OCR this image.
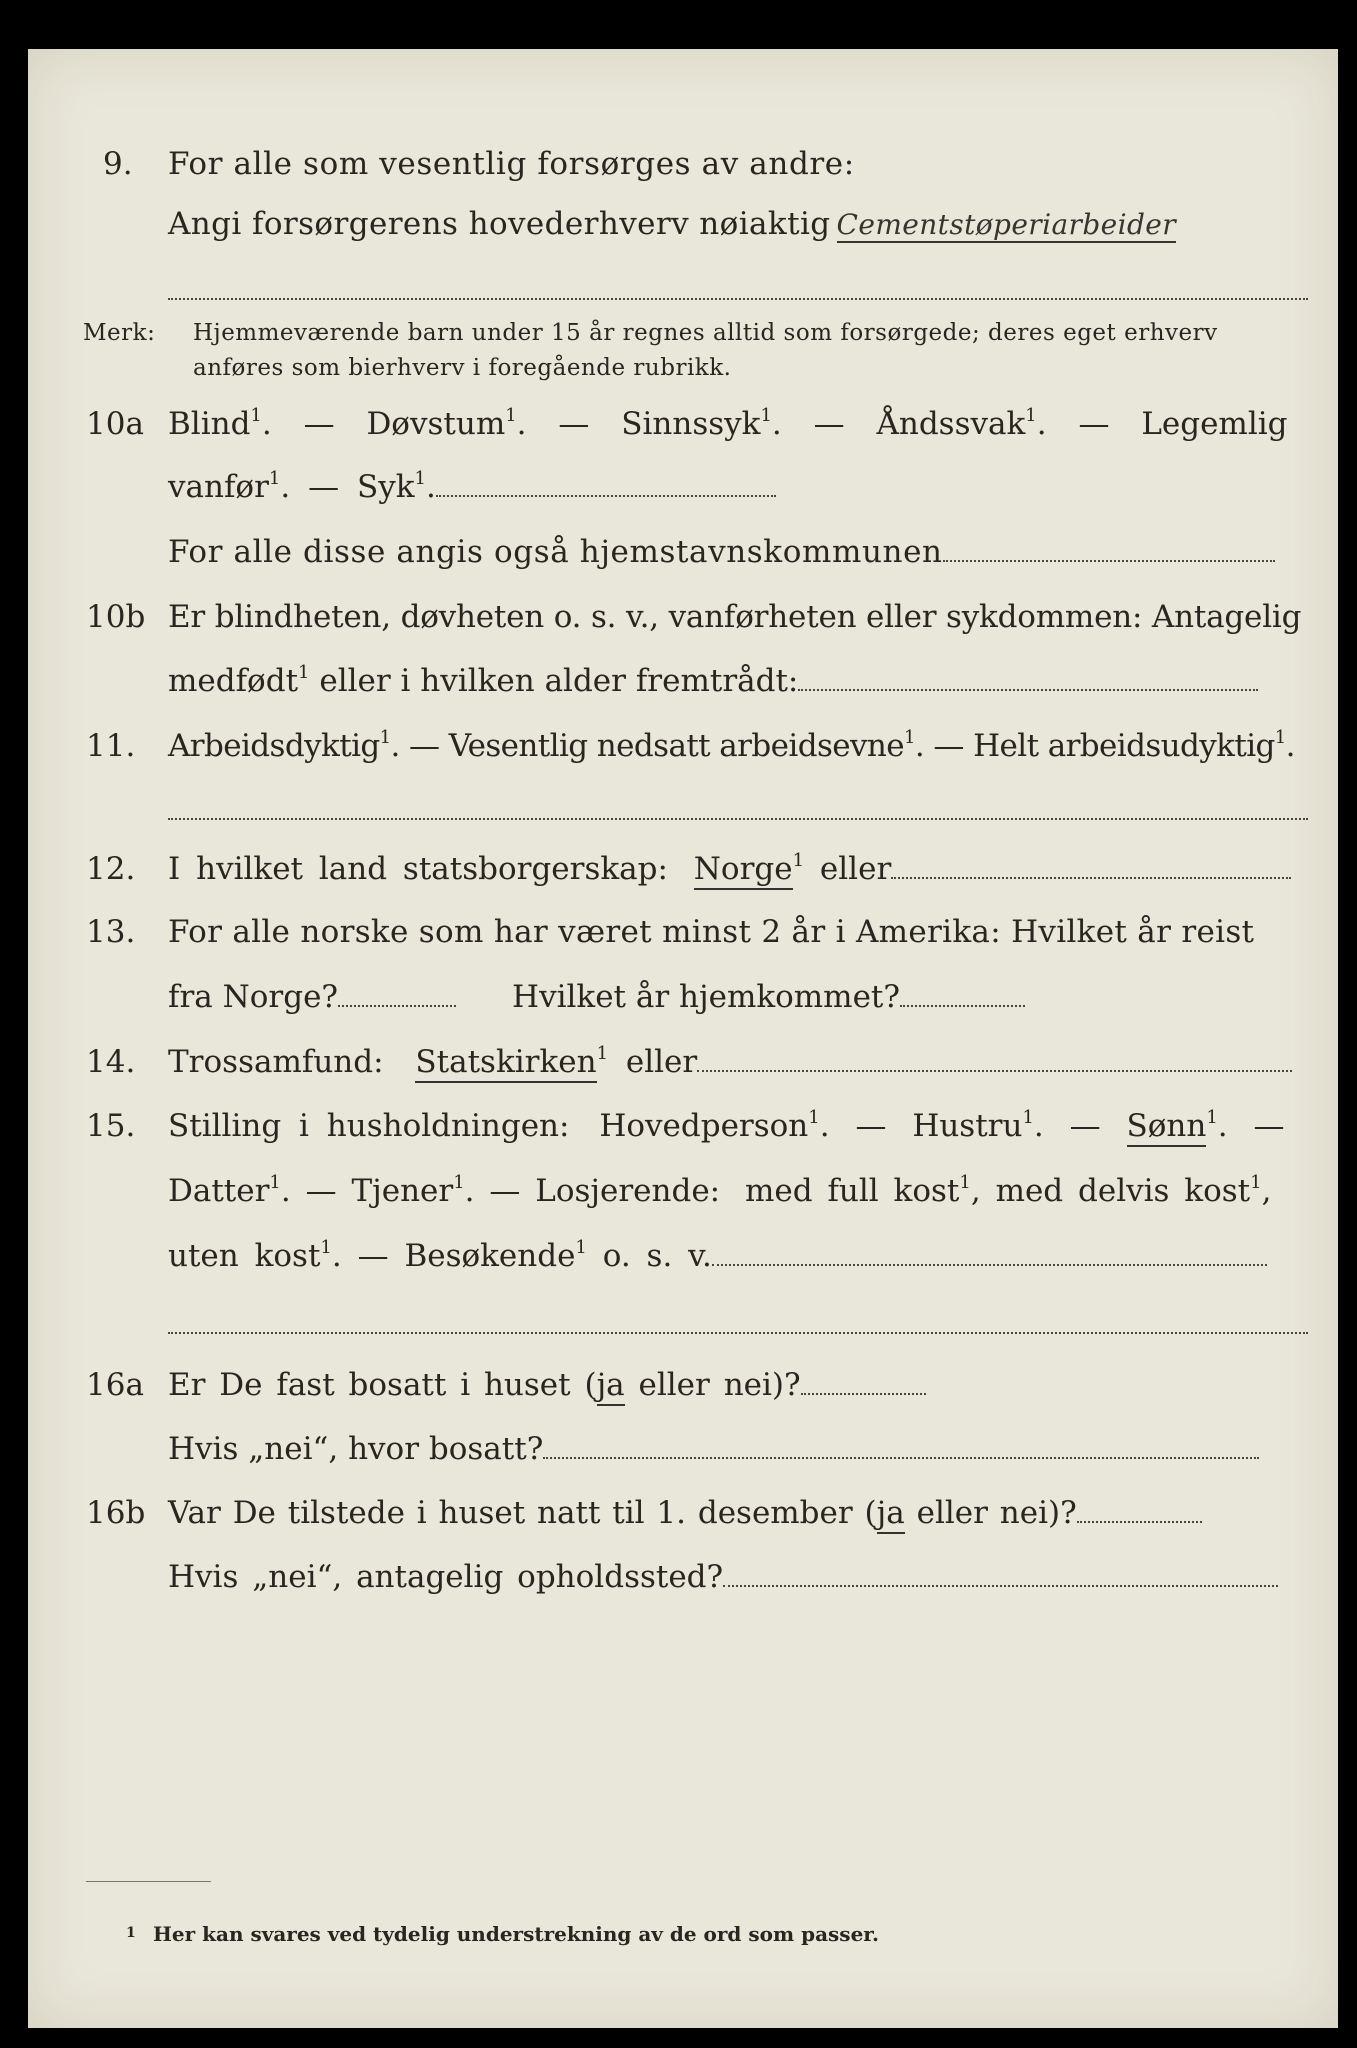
9. For alle som vesentlig forsørges av andre:
Angi forsørgerens hovederhverv nøiaktig Cementstøperiarbeider
Merk: Hjemmeværende barn under 15 år regnes alltid som forsørgede; deres eget erhverv
anføres som bierhverv i foregående rubrikk.
10a Blind$^1$. — Døvstum$^1$. — Sinnssyk$^1$. — Åndssvak$^1$. — Legemlig
vanfør$^1$. — Syk$^1$.
For alle disse angis også hjemstavnskommunen
10b Er blindheten, døvheten o. s. v., vanførheten eller sykdommen: Antagelig
medfødt$^1$ eller i hvilken alder fremtrådt:
11. Arbeidsdyktig$^1$. — Vesentlig nedsatt arbeidsevne$^1$. — Helt arbeidsudyktig$^1$.
12. I hvilket land statsborgerskap: Norge$^1$ eller
13. For alle norske som har været minst 2 år i Amerika: Hvilket år reist
fra Norge?	Hvilket år hjemkommet?
14. Trossamfund: Statskirken$^1$ eller
15. Stilling i husholdningen: Hovedperson$^1$. — Hustru$^1$. — Sønn$^1$. —
Datter$^1$. — Tjener$^1$. — Losjerende: med full kost$^1$, med delvis kost$^1$,
uten kost$^1$. — Besøkende$^1$ o. s. v.
16a Er De fast bosatt i huset (ja eller nei)?
Hvis „nei“, hvor bosatt?
16b Var De tilstede i huset natt til 1. desember (ja eller nei)?
Hvis „nei“, antagelig opholdssted?
1 Her kan svares ved tydelig understrekning av de ord som passer.
